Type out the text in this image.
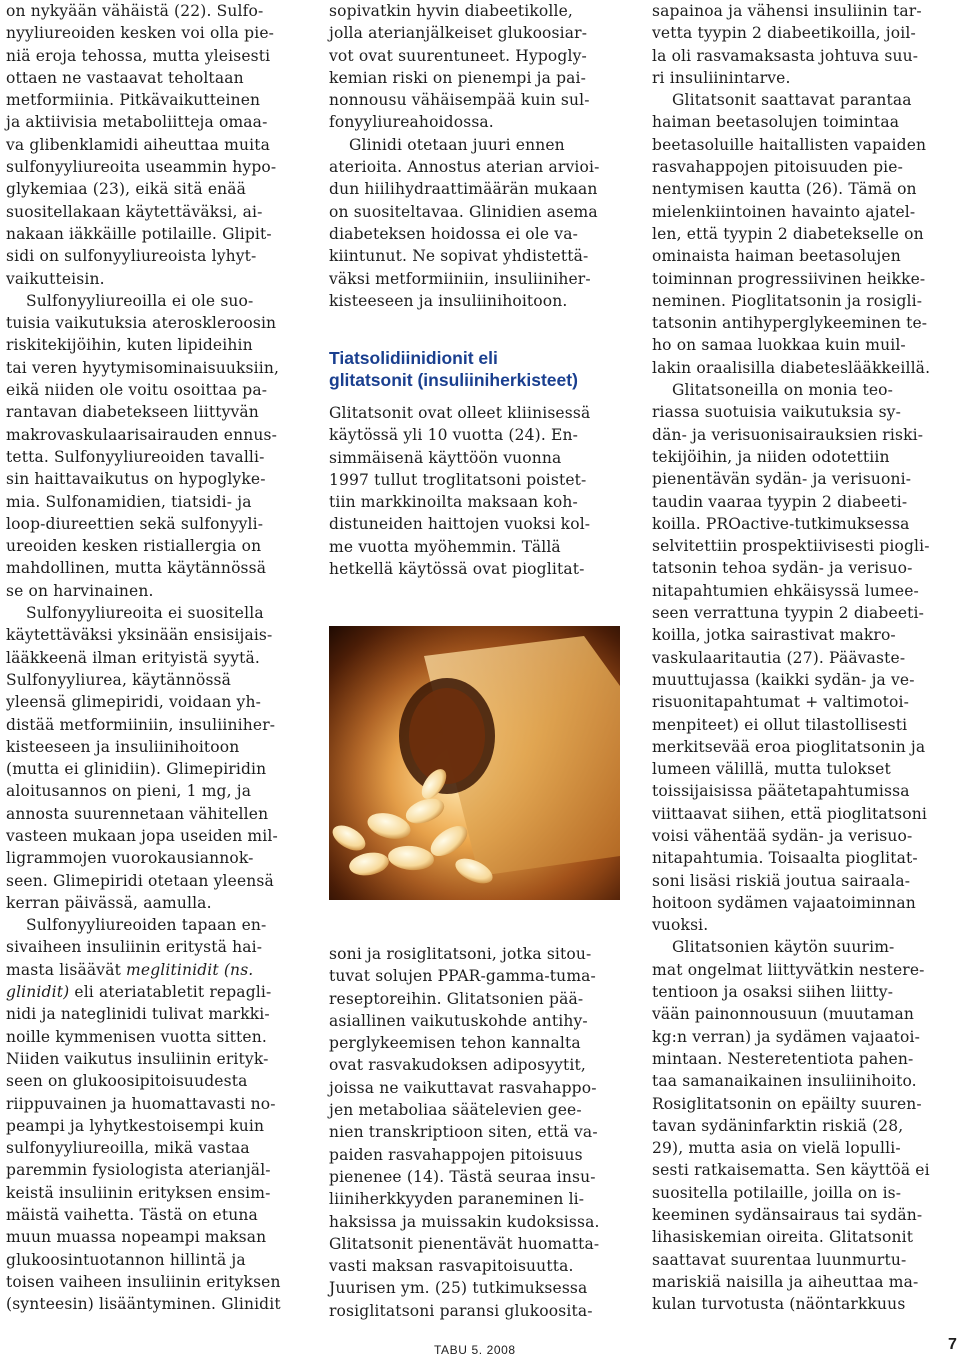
on nykyään vähäistä (22). Sulfo-
nyyliureoiden kesken voi olla pie-
niä eroja tehossa, mutta yleisesti
ottaen ne vastaavat teholtaan
metformiinia. Pitkävaikutteinen
ja aktiivisia metaboliitteja omaa-
va glibenklamidi aiheuttaa muita
sulfonyyliureoita useammin hypo-
glykemiaa (23), eikä sitä enää
suositellakaan käytettäväksi, ai-
nakaan iäkkäille potilaille. Glipit-
sidi on sulfonyyliureoista lyhyt-
vaikutteisin.
Sulfonyyliureoilla ei ole suo-
tuisia vaikutuksia ateroskleroosin
riskitekijöihin, kuten lipideihin
tai veren hyytymisominaisuuksiin,
eikä niiden ole voitu osoittaa pa-
rantavan diabetekseen liittyvän
makrovaskulaarisairauden ennus-
tetta. Sulfonyyliureoiden tavalli-
sin haittavaikutus on hypoglyke-
mia. Sulfonamidien, tiatsidi- ja
loop-diureettien sekä sulfonyyli-
ureoiden kesken ristiallergia on
mahdollinen, mutta käytännössä
se on harvinainen.
Sulfonyyliureoita ei suositella
käytettäväksi yksinään ensisijais-
lääkkeenä ilman erityistä syytä.
Sulfonyyliurea, käytännössä
yleensä glimepiridi, voidaan yh-
distää metformiiniin, insuliiniher-
kisteeseen ja insuliinihoitoon
(mutta ei glinidiin). Glimepiridin
aloitusannos on pieni, 1 mg, ja
annosta suurennetaan vähitellen
vasteen mukaan jopa useiden mil-
ligrammojen vuorokausiannok-
seen. Glimepiridi otetaan yleensä
kerran päivässä, aamulla.
Sulfonyyliureoiden tapaan en-
sivaiheen insuliinin eritystä hai-
masta lisäävät meglitinidit (ns.
glinidit) eli ateriatabletit repagli-
nidi ja nateglinidi tulivat markki-
noille kymmenisen vuotta sitten.
Niiden vaikutus insuliinin erityk-
seen on glukoosipitoisuudesta
riippuvainen ja huomattavasti no-
peampi ja lyhytkestoisempi kuin
sulfonyyliureoilla, mikä vastaa
paremmin fysiologista aterianjäl-
keistä insuliinin erityksen ensim-
mäistä vaihetta. Tästä on etuna
muun muassa nopeampi maksan
glukoosintuotannon hillintä ja
toisen vaiheen insuliinin erityksen
(synteesin) lisääntyminen. Glinidit
sopivatkin hyvin diabeetikolle,
jolla aterianjälkeiset glukoosiar-
vot ovat suurentuneet. Hypogly-
kemian riski on pienempi ja pai-
nonnousu vähäisempää kuin sul-
fonyyliureahoidossa.
Glinidi otetaan juuri ennen
aterioita. Annostus aterian arvioi-
dun hiilihydraattimäärän mukaan
on suositeltavaa. Glinidien asema
diabeteksen hoidossa ei ole va-
kiintunut. Ne sopivat yhdistettä-
väksi metformiiniin, insuliiniher-
kisteeseen ja insuliinihoitoon.
Tiatsolidiinidionit eli
glitatsonit (insuliiniherkisteet)
Glitatsonit ovat olleet kliinisessä
käytössä yli 10 vuotta (24). En-
simmäisenä käyttöön vuonna
1997 tullut troglitatsoni poistet-
tiin markkinoilta maksaan koh-
distuneiden haittojen vuoksi kol-
me vuotta myöhemmin. Tällä
hetkellä käytössä ovat pioglitat-
soni ja rosiglitatsoni, jotka sitou-
tuvat solujen PPAR-gamma-tuma-
reseptoreihin. Glitatsonien pää-
asiallinen vaikutuskohde antihy-
perglykeemisen tehon kannalta
ovat rasvakudoksen adiposyytit,
joissa ne vaikuttavat rasvahappo-
jen metaboliaa säätelevien gee-
nien transkriptioon siten, että va-
paiden rasvahappojen pitoisuus
pienenee (14). Tästä seuraa insu-
liiniherkkyyden paraneminen li-
haksissa ja muissakin kudoksissa.
Glitatsonit pienentävät huomatta-
vasti maksan rasvapitoisuutta.
Juurisen ym. (25) tutkimuksessa
rosiglitatsoni paransi glukoosita-
sapainoa ja vähensi insuliinin tar-
vetta tyypin 2 diabeetikoilla, joil-
la oli rasvamaksasta johtuva suu-
ri insuliinintarve.
Glitatsonit saattavat parantaa
haiman beetasolujen toimintaa
beetasoluille haitallisten vapaiden
rasvahappojen pitoisuuden pie-
nentymisen kautta (26). Tämä on
mielenkiintoinen havainto ajatel-
len, että tyypin 2 diabetekselle on
ominaista haiman beetasolujen
toiminnan progressiivinen heikke-
neminen. Pioglitatsonin ja rosigli-
tatsonin antihyperglykeeminen te-
ho on samaa luokkaa kuin muil-
lakin oraalisilla diabeteslääkkeillä.
Glitatsoneilla on monia teo-
riassa suotuisia vaikutuksia sy-
dän- ja verisuonisairauksien riski-
tekijöihin, ja niiden odotettiin
pienentävän sydän- ja verisuoni-
taudin vaaraa tyypin 2 diabeeti-
koilla. PROactive-tutkimuksessa
selvitettiin prospektiivisesti piogli-
tatsonin tehoa sydän- ja verisuo-
nitapahtumien ehkäisyssä lumee-
seen verrattuna tyypin 2 diabeeti-
koilla, jotka sairastivat makro-
vaskulaaritautia (27). Päävaste-
muuttujassa (kaikki sydän- ja ve-
risuonitapahtumat + valtimotoi-
menpiteet) ei ollut tilastollisesti
merkitsevää eroa pioglitatsonin ja
lumeen välillä, mutta tulokset
toissijaisissa päätetapahtumissa
viittaavat siihen, että pioglitatsoni
voisi vähentää sydän- ja verisuo-
nitapahtumia. Toisaalta pioglitat-
soni lisäsi riskiä joutua sairaala-
hoitoon sydämen vajaatoiminnan
vuoksi.
Glitatsonien käytön suurim-
mat ongelmat liittyvätkin nestere-
tentioon ja osaksi siihen liitty-
vään painonnousuun (muutaman
kg:n verran) ja sydämen vajaatoi-
mintaan. Nesteretentiota pahen-
taa samanaikainen insuliinihoito.
Rosiglitatsonin on epäilty suuren-
tavan sydäninfarktin riskiä (28,
29), mutta asia on vielä lopulli-
sesti ratkaisematta. Sen käyttöä ei
suositella potilaille, joilla on is-
keeminen sydänsairaus tai sydän-
lihasiskemian oireita. Glitatsonit
saattavat suurentaa luunmurtu-
mariskiä naisilla ja aiheuttaa ma-
kulan turvotusta (näöntarkkuus
TABU 5. 2008	7
